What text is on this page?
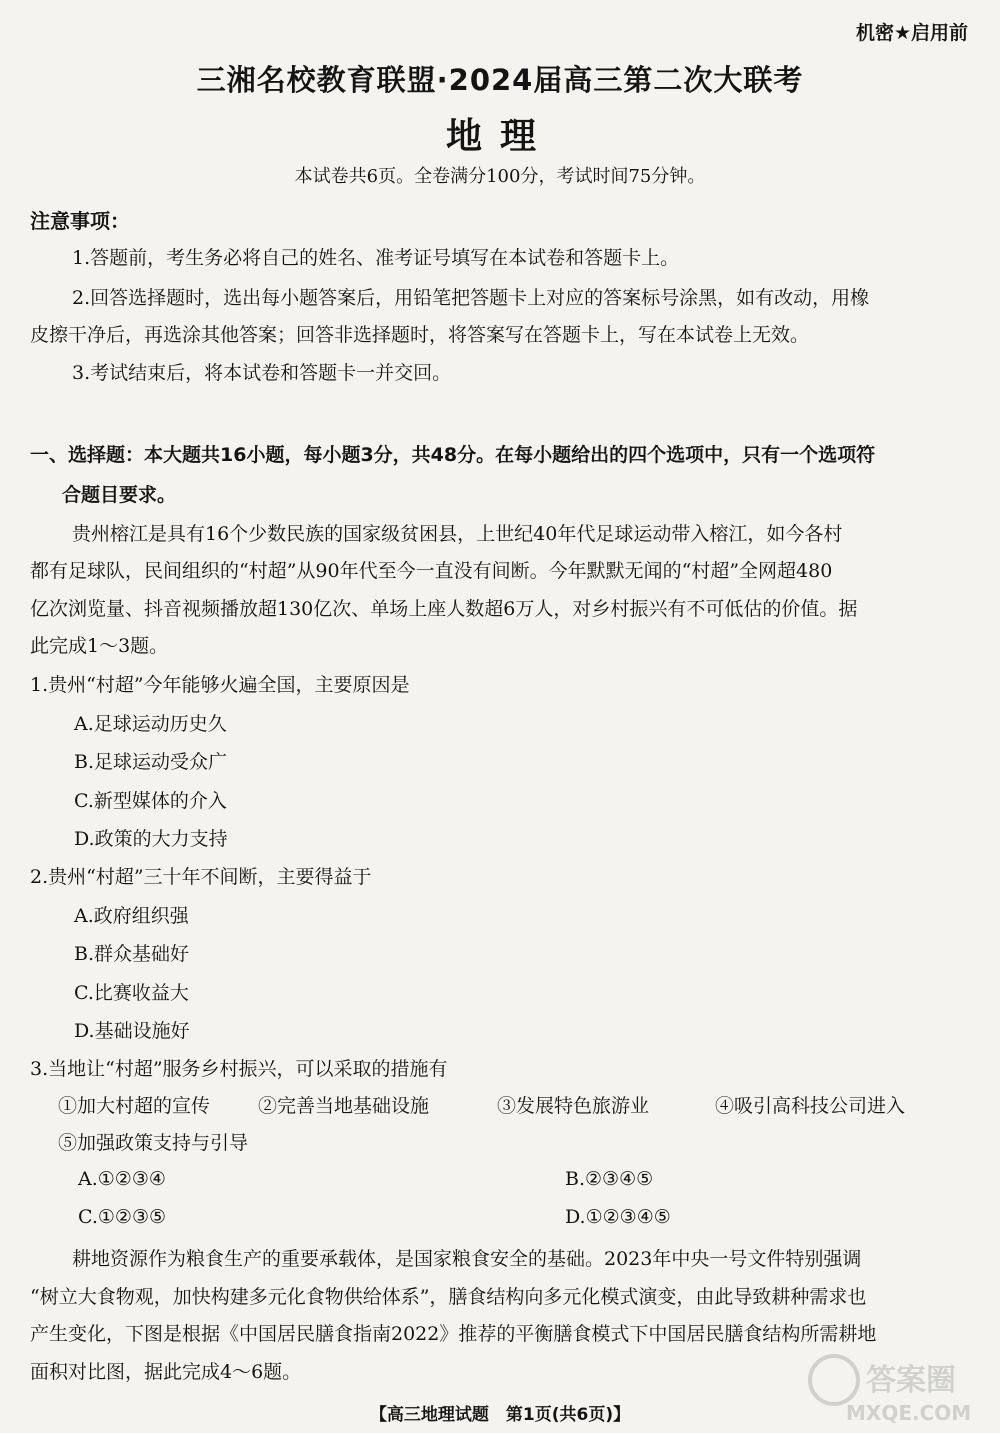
机密★启用前
三湘名校教育联盟·2024届高三第二次大联考
地理
本试卷共6页。全卷满分100分，考试时间75分钟。
注意事项：
1.答题前，考生务必将自己的姓名、准考证号填写在本试卷和答题卡上。
2.回答选择题时，选出每小题答案后，用铅笔把答题卡上对应的答案标号涂黑，如有改动，用橡
皮擦干净后，再选涂其他答案；回答非选择题时，将答案写在答题卡上，写在本试卷上无效。
3.考试结束后，将本试卷和答题卡一并交回。
一、选择题：本大题共16小题，每小题3分，共48分。在每小题给出的四个选项中，只有一个选项符
合题目要求。
贵州榕江是具有16个少数民族的国家级贫困县，上世纪40年代足球运动带入榕江，如今各村
都有足球队，民间组织的“村超”从90年代至今一直没有间断。今年默默无闻的“村超”全网超480
亿次浏览量、抖音视频播放超130亿次、单场上座人数超6万人，对乡村振兴有不可低估的价值。据
此完成1～3题。
1.贵州“村超”今年能够火遍全国，主要原因是
A.足球运动历史久
B.足球运动受众广
C.新型媒体的介入
D.政策的大力支持
2.贵州“村超”三十年不间断，主要得益于
A.政府组织强
B.群众基础好
C.比赛收益大
D.基础设施好
3.当地让“村超”服务乡村振兴，可以采取的措施有
①加大村超的宣传	②完善当地基础设施	③发展特色旅游业	④吸引高科技公司进入
⑤加强政策支持与引导
A.①②③④	B.②③④⑤
C.①②③⑤	D.①②③④⑤
耕地资源作为粮食生产的重要承载体，是国家粮食安全的基础。2023年中央一号文件特别强调
“树立大食物观，加快构建多元化食物供给体系”，膳食结构向多元化模式演变，由此导致耕种需求也
产生变化，下图是根据《中国居民膳食指南2022》推荐的平衡膳食模式下中国居民膳食结构所需耕地
面积对比图，据此完成4～6题。	答案圈
MXQE.COM
【高三地理试题　第1页(共6页)】
